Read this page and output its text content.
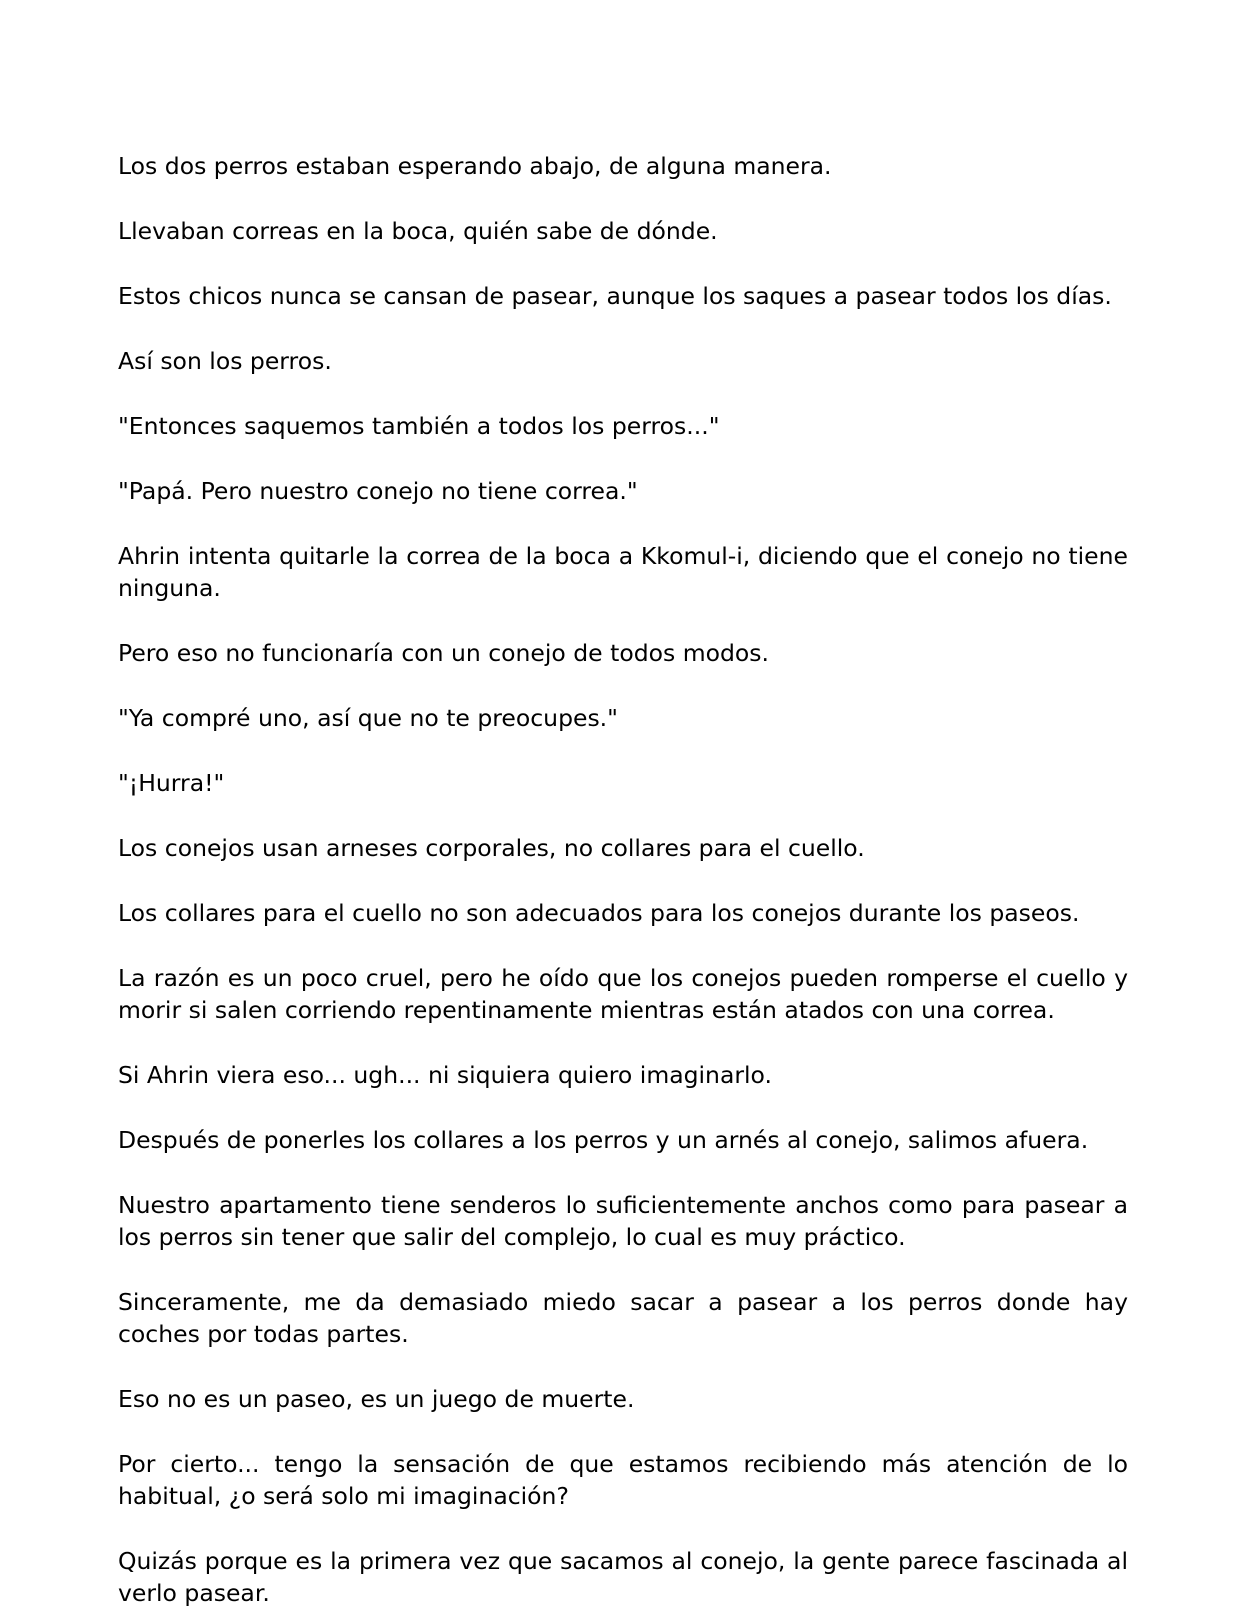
Los dos perros estaban esperando abajo, de alguna manera.

Llevaban correas en la boca, quién sabe de dónde.

Estos chicos nunca se cansan de pasear, aunque los saques a pasear todos los días.

Así son los perros.

"Entonces saquemos también a todos los perros..."

"Papá. Pero nuestro conejo no tiene correa."

Ahrin intenta quitarle la correa de la boca a Kkomul-i, diciendo que el conejo no tiene ninguna.

Pero eso no funcionaría con un conejo de todos modos.

"Ya compré uno, así que no te preocupes."

"¡Hurra!"

Los conejos usan arneses corporales, no collares para el cuello.

Los collares para el cuello no son adecuados para los conejos durante los paseos.

La razón es un poco cruel, pero he oído que los conejos pueden romperse el cuello y morir si salen corriendo repentinamente mientras están atados con una correa.

Si Ahrin viera eso... ugh... ni siquiera quiero imaginarlo.

Después de ponerles los collares a los perros y un arnés al conejo, salimos afuera.

Nuestro apartamento tiene senderos lo suficientemente anchos como para pasear a los perros sin tener que salir del complejo, lo cual es muy práctico.

Sinceramente, me da demasiado miedo sacar a pasear a los perros donde hay coches por todas partes.

Eso no es un paseo, es un juego de muerte.

Por cierto... tengo la sensación de que estamos recibiendo más atención de lo habitual, ¿o será solo mi imaginación?

Quizás porque es la primera vez que sacamos al conejo, la gente parece fascinada al verlo pasear.
